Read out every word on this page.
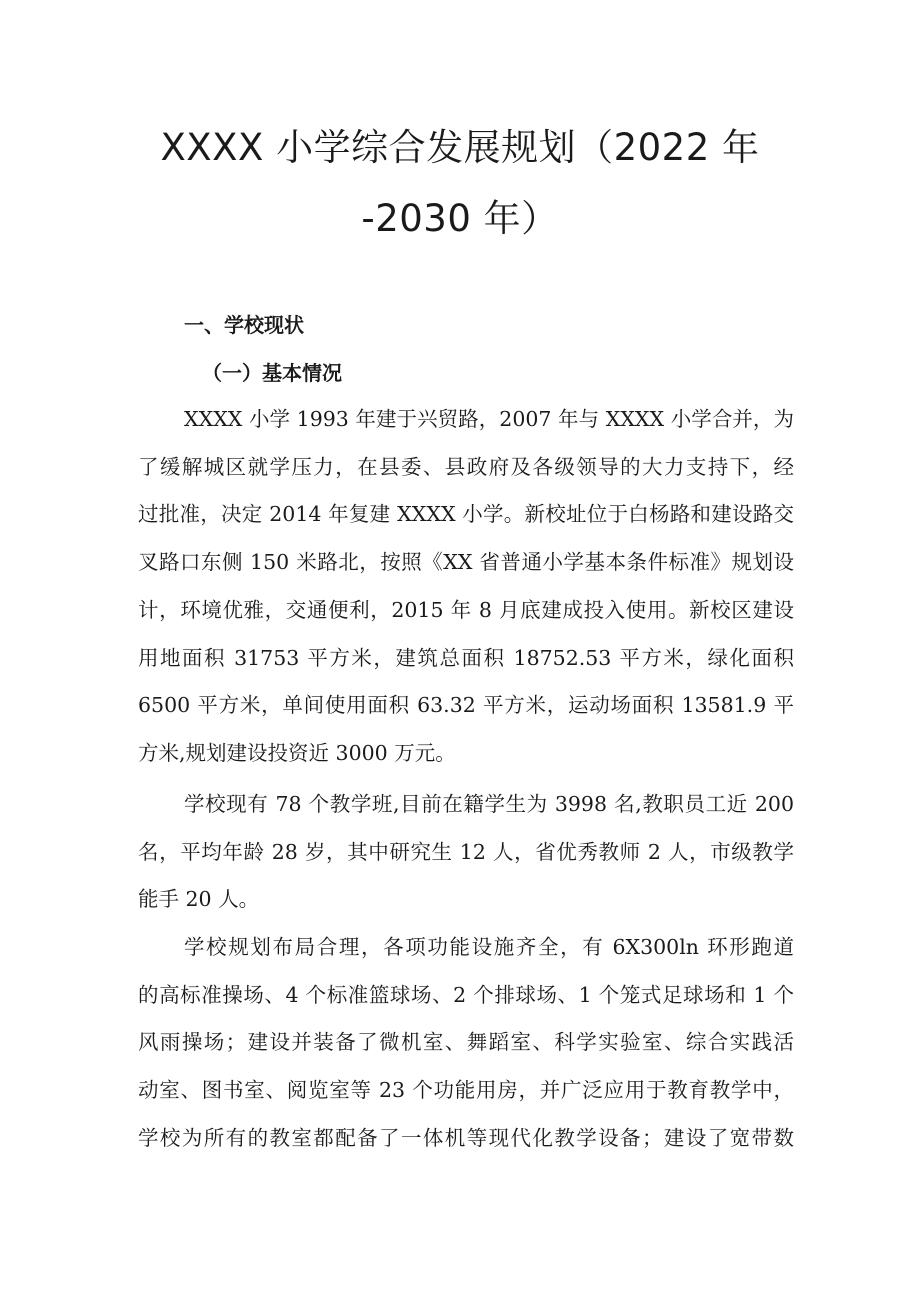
XXXX 小学综合发展规划（2022 年
-2030 年）
一、学校现状
（一）基本情况
XXXX 小学 1993 年建于兴贸路，2007 年与 XXXX 小学合并，为
了缓解城区就学压力，在县委、县政府及各级领导的大力支持下，经
过批准，决定 2014 年复建 XXXX 小学。新校址位于白杨路和建设路交
叉路口东侧 150 米路北，按照《XX 省普通小学基本条件标准》规划设
计，环境优雅，交通便利，2015 年 8 月底建成投入使用。新校区建设
用地面积 31753 平方米，建筑总面积 18752.53 平方米，绿化面积
6500 平方米，单间使用面积 63.32 平方米，运动场面积 13581.9 平
方米,规划建设投资近 3000 万元。
学校现有 78 个教学班,目前在籍学生为 3998 名,教职员工近 200
名，平均年龄 28 岁，其中研究生 12 人，省优秀教师 2 人，市级教学
能手 20 人。
学校规划布局合理，各项功能设施齐全，有 6X300ln 环形跑道
的高标准操场、4 个标准篮球场、2 个排球场、1 个笼式足球场和 1 个
风雨操场；建设并装备了微机室、舞蹈室、科学实验室、综合实践活
动室、图书室、阅览室等 23 个功能用房，并广泛应用于教育教学中，
学校为所有的教室都配备了一体机等现代化教学设备；建设了宽带数
